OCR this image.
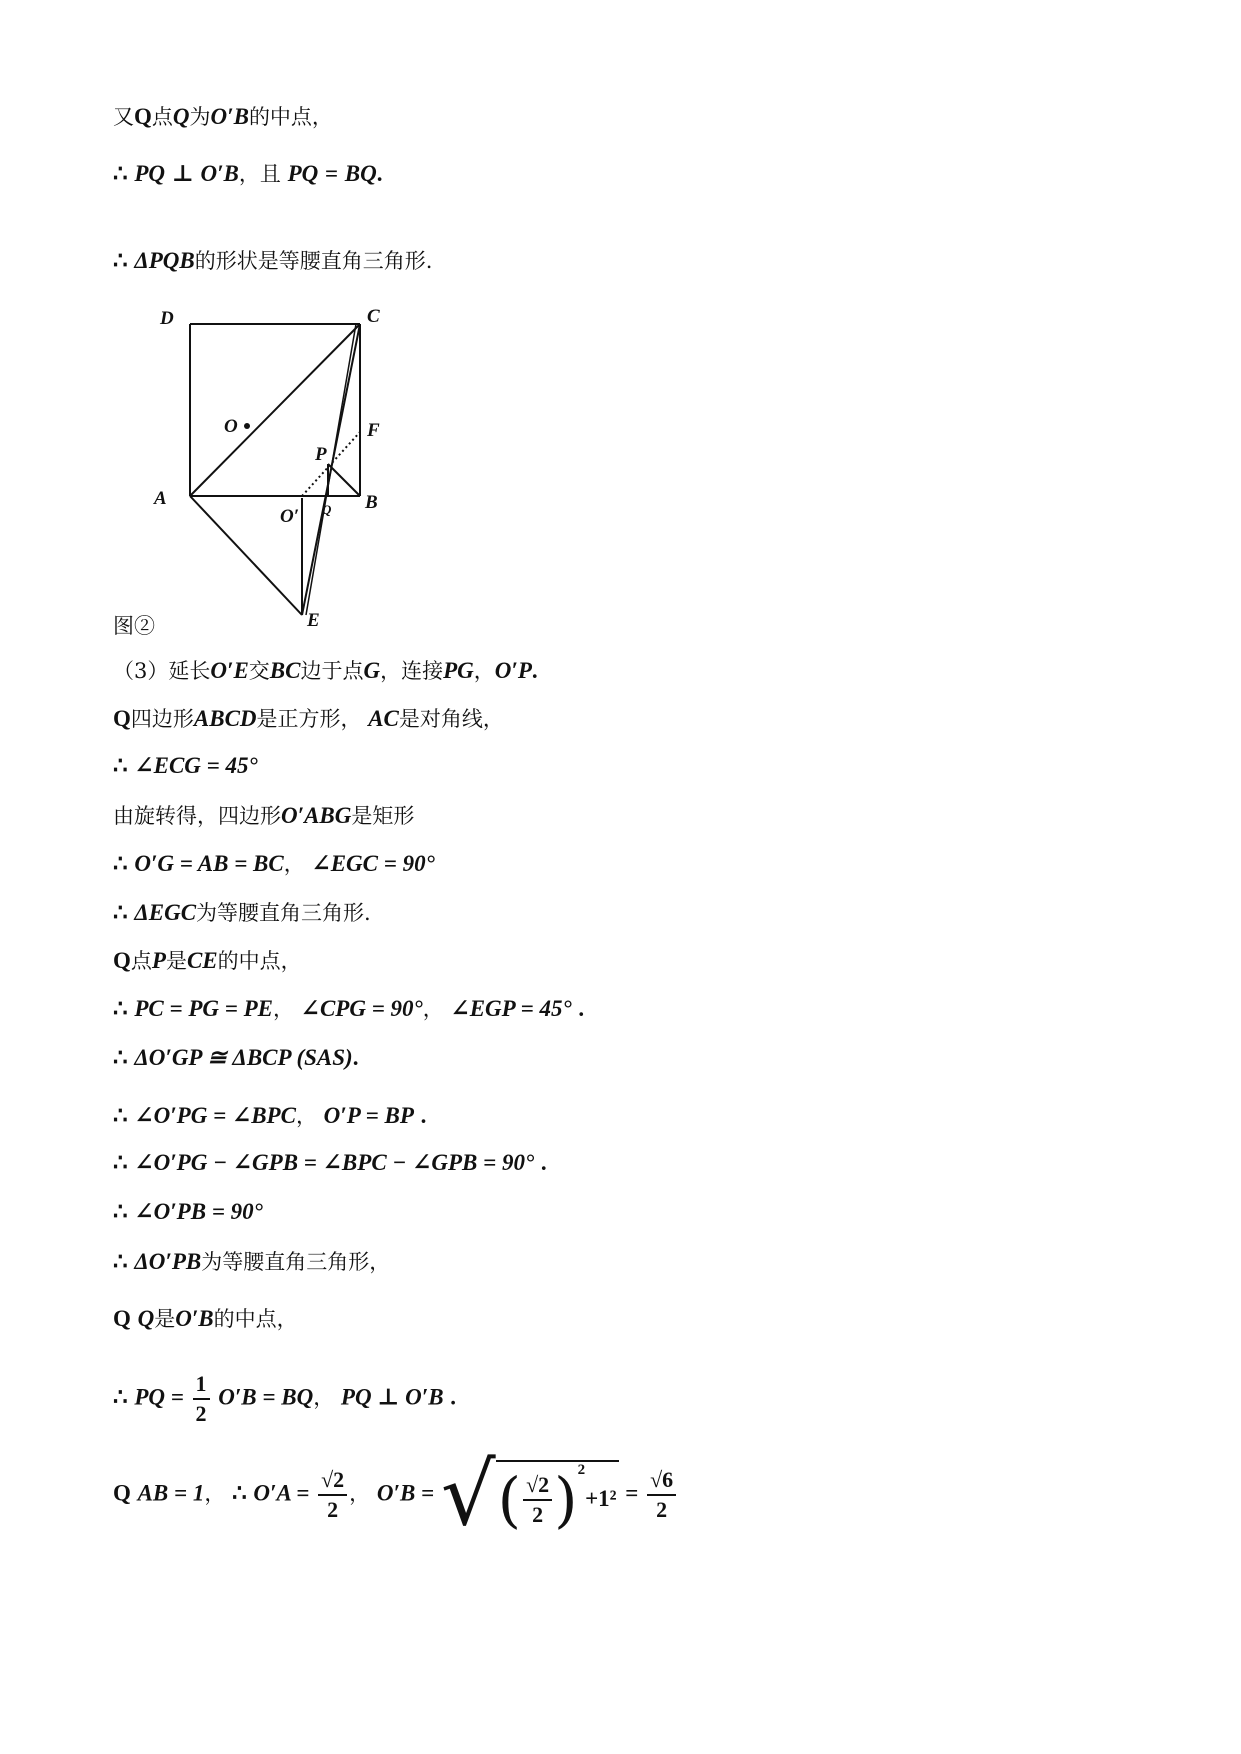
又Q点Q为O′B的中点，
∴ PQ ⊥ O′B，且 PQ = BQ.
∴ ΔPQB的形状是等腰直角三角形.
D	C
O	F
P
A
O′ Q B
E
图②
（3）延长O′E交BC边于点G，连接PG，O′P.
Q四边形ABCD是正方形， AC是对角线，
∴ ∠ECG = 45°
由旋转得，四边形O′ABG是矩形
∴ O′G = AB = BC， ∠EGC = 90°
∴ ΔEGC为等腰直角三角形.
Q点P是CE的中点，
∴ PC = PG = PE， ∠CPG = 90°， ∠EGP = 45° .
∴ ΔO′GP ≅ ΔBCP (SAS).
∴ ∠O′PG = ∠BPC， O′P = BP .
∴ ∠O′PG − ∠GPB = ∠BPC − ∠GPB = 90° .
∴ ∠O′PB = 90°
∴ ΔO′PB为等腰直角三角形，
Q Q是O′B的中点，
∴ PQ = $\frac{1}{2} O'B$ = BQ， PQ ⊥ O′B .
Q AB = 1， ∴ $O'A = \frac{√2}{2}$ ， O′B = √( $\frac{√2}{2} )^2+1^2 = \frac{√6}{2}$
